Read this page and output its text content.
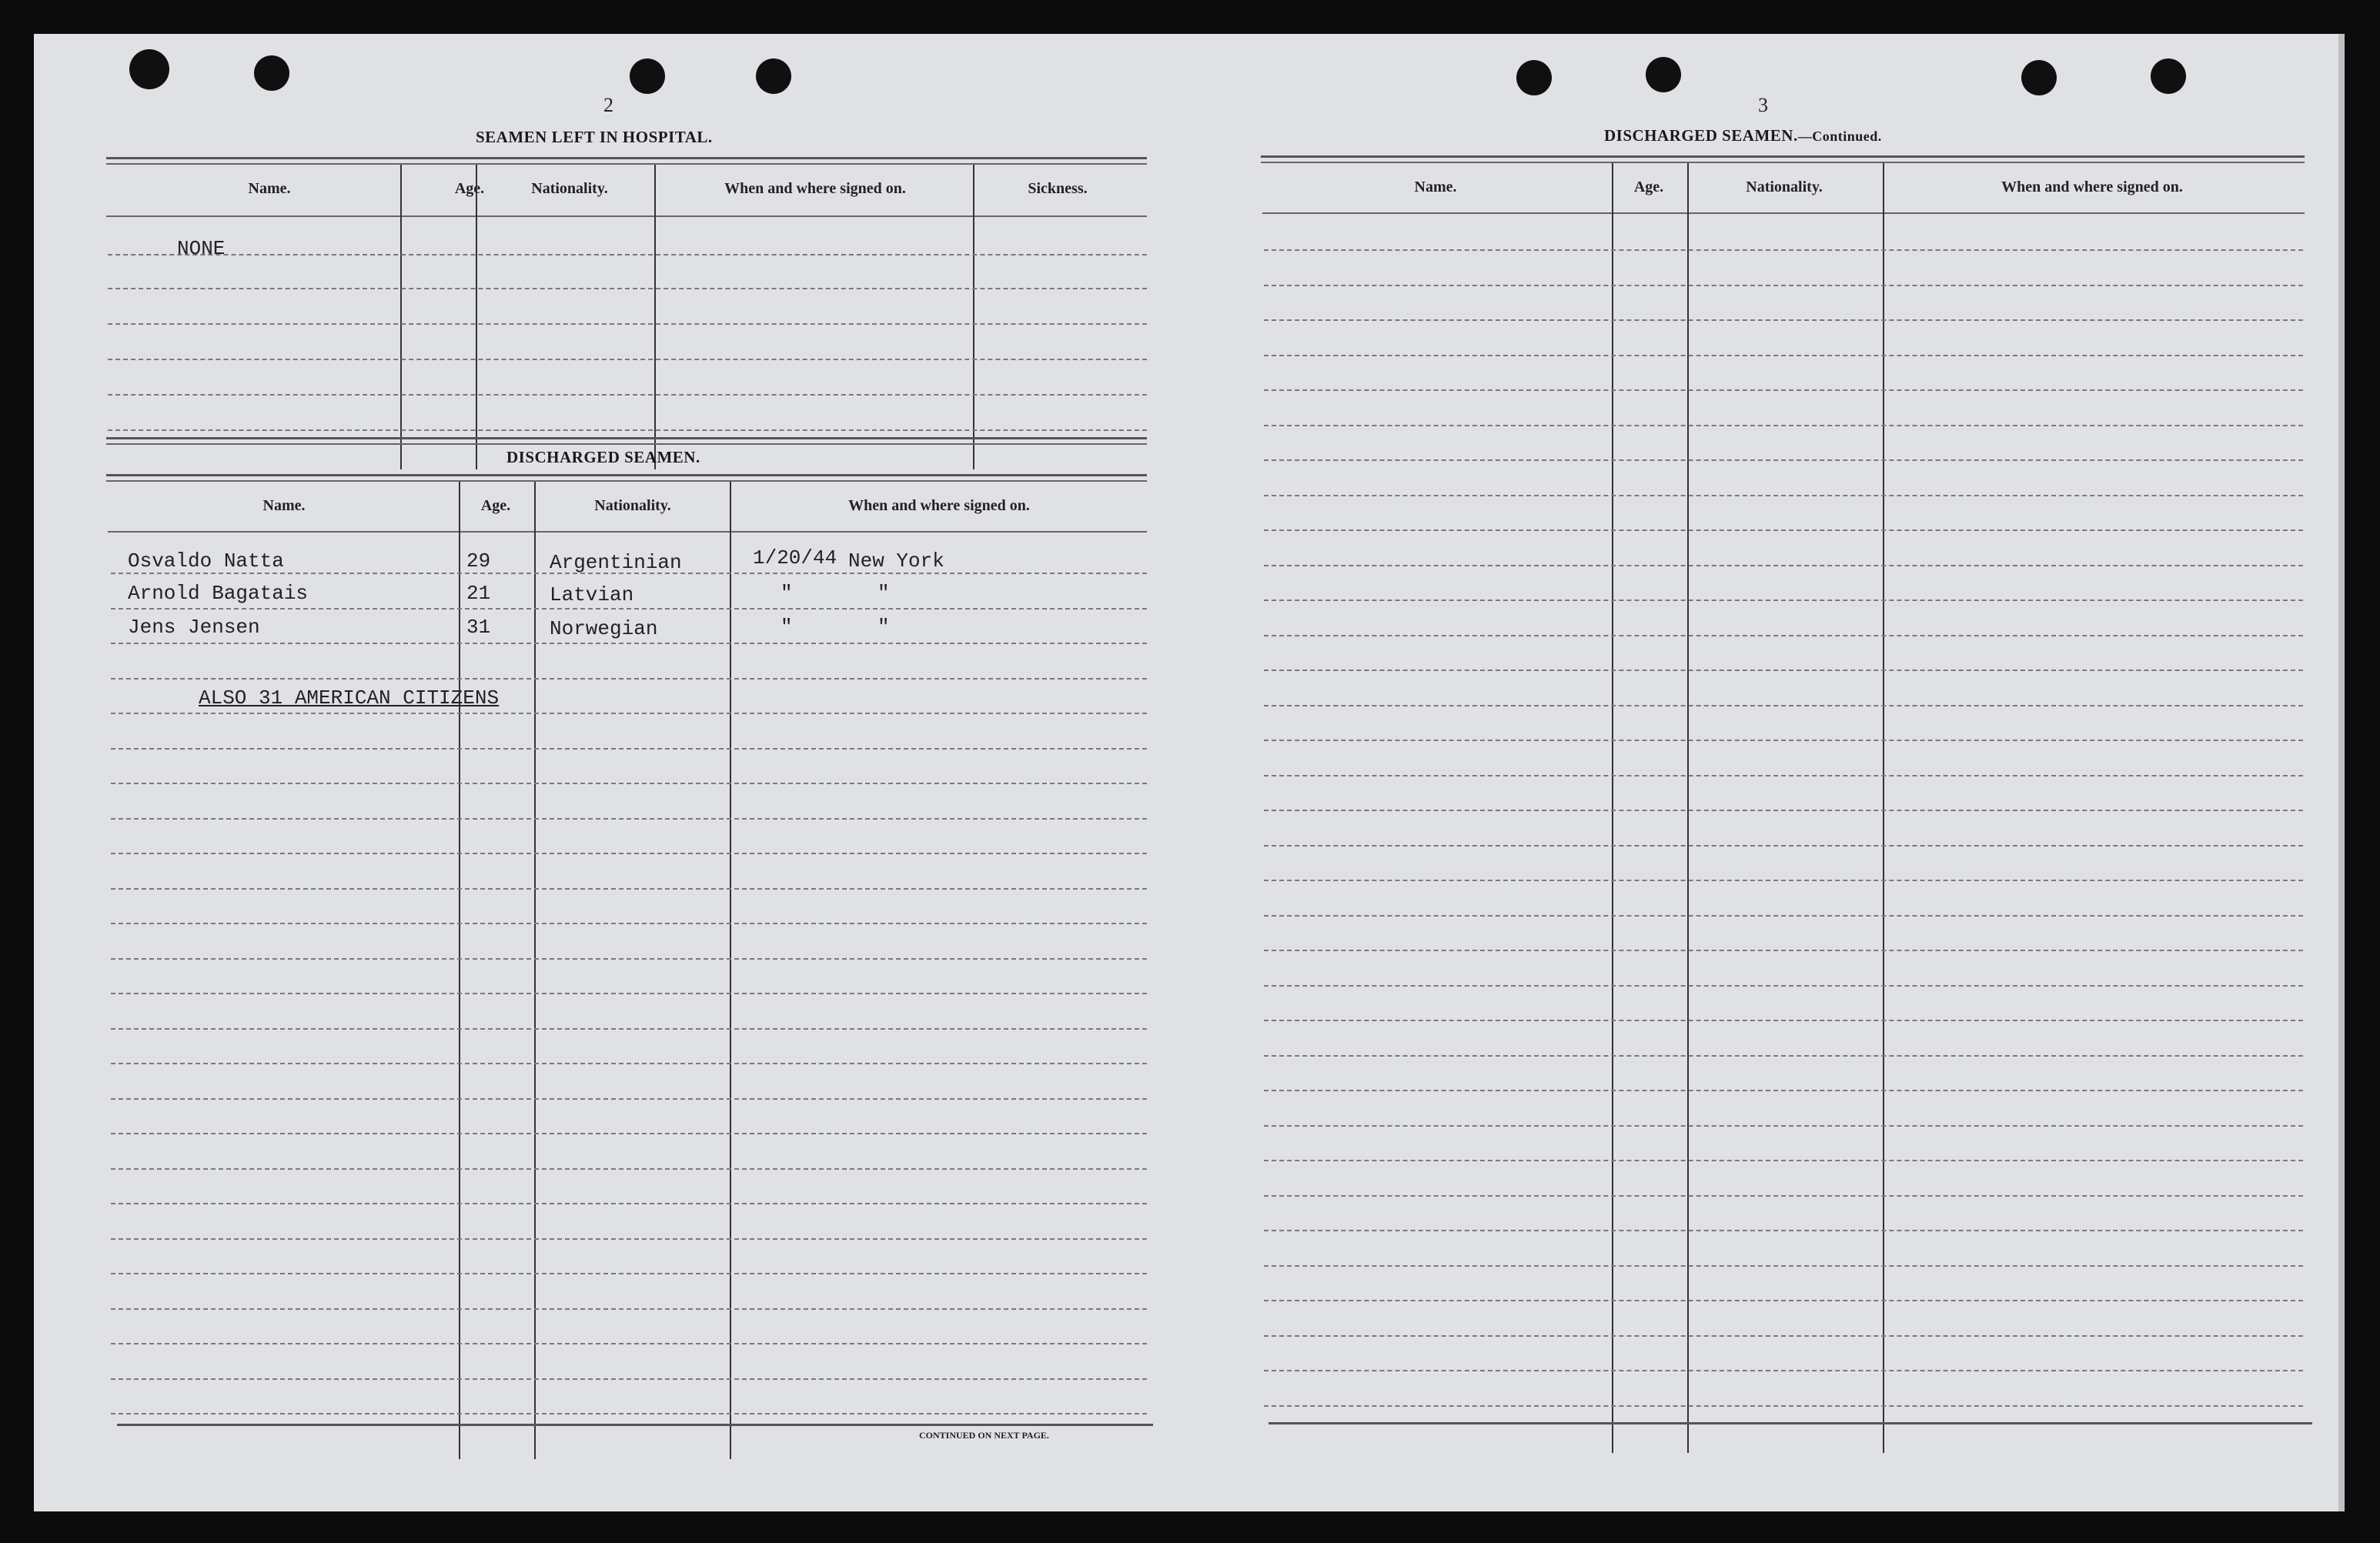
2
SEAMEN LEFT IN HOSPITAL.
Name.	Age.	Nationality.	When and where signed on.	Sickness.
NONE
DISCHARGED SEAMEN.
Name.	Age.	Nationality.	When and where signed on.
Osvaldo Natta	29	Argentinian	1/20/44 New York
Arnold Bagatais	21	Latvian	"	"
Jens Jensen	31	Norwegian	"	"
ALSO 31 AMERICAN CITIZENS
CONTINUED ON NEXT PAGE.
3
DISCHARGED SEAMEN.—Continued.
Name.	Age.	Nationality.	When and where signed on.
